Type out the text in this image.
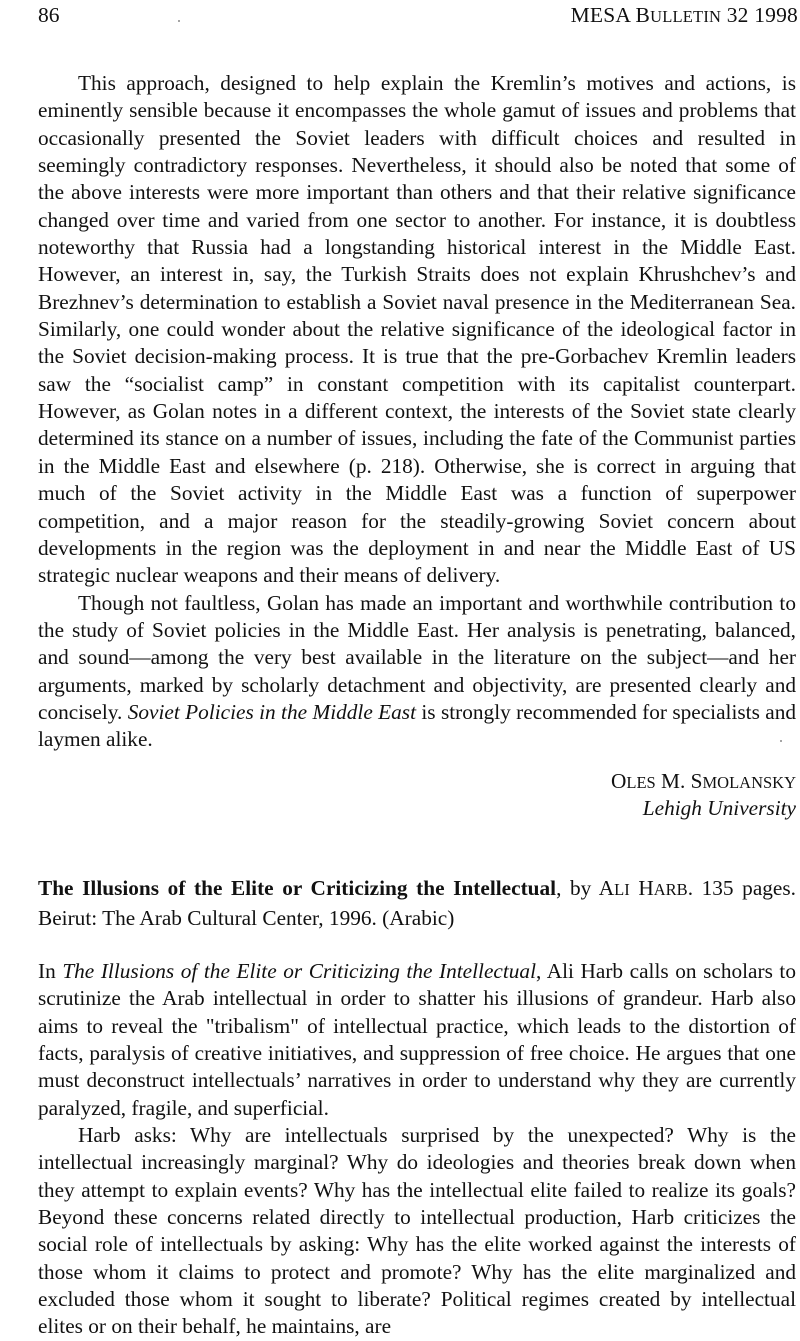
86	MESA BULLETIN 32 1998

This approach, designed to help explain the Kremlin’s motives and actions, is eminently sensible because it encompasses the whole gamut of issues and problems that occasionally presented the Soviet leaders with difficult choices and resulted in seemingly contradictory responses. Nevertheless, it should also be noted that some of the above interests were more important than others and that their relative significance changed over time and varied from one sector to another. For instance, it is doubtless noteworthy that Russia had a longstanding historical interest in the Middle East. However, an interest in, say, the Turkish Straits does not explain Khrushchev’s and Brezhnev’s determination to establish a Soviet naval presence in the Mediterranean Sea. Similarly, one could wonder about the relative significance of the ideological factor in the Soviet decision-making process. It is true that the pre-Gorbachev Kremlin leaders saw the “socialist camp” in constant competition with its capitalist counterpart. However, as Golan notes in a different context, the interests of the Soviet state clearly determined its stance on a number of issues, including the fate of the Communist parties in the Middle East and elsewhere (p. 218). Otherwise, she is correct in arguing that much of the Soviet activity in the Middle East was a function of superpower competition, and a major reason for the steadily-growing Soviet concern about developments in the region was the deployment in and near the Middle East of US strategic nuclear weapons and their means of delivery.

Though not faultless, Golan has made an important and worthwhile contribution to the study of Soviet policies in the Middle East. Her analysis is penetrating, balanced, and sound—among the very best available in the literature on the subject—and her arguments, marked by scholarly detachment and objectivity, are presented clearly and concisely. Soviet Policies in the Middle East is strongly recommended for specialists and laymen alike.

OLES M. SMOLANSKY
Lehigh University
The Illusions of the Elite or Criticizing the Intellectual, by ALI HARB. 135 pages. Beirut: The Arab Cultural Center, 1996. (Arabic)

In The Illusions of the Elite or Criticizing the Intellectual, Ali Harb calls on scholars to scrutinize the Arab intellectual in order to shatter his illusions of grandeur. Harb also aims to reveal the "tribalism" of intellectual practice, which leads to the distortion of facts, paralysis of creative initiatives, and suppression of free choice. He argues that one must deconstruct intellectuals’ narratives in order to understand why they are currently paralyzed, fragile, and superficial.

Harb asks: Why are intellectuals surprised by the unexpected? Why is the intellectual increasingly marginal? Why do ideologies and theories break down when they attempt to explain events? Why has the intellectual elite failed to realize its goals? Beyond these concerns related directly to intellectual production, Harb criticizes the social role of intellectuals by asking: Why has the elite worked against the interests of those whom it claims to protect and promote? Why has the elite marginalized and excluded those whom it sought to liberate? Political regimes created by intellectual elites or on their behalf, he maintains, are
